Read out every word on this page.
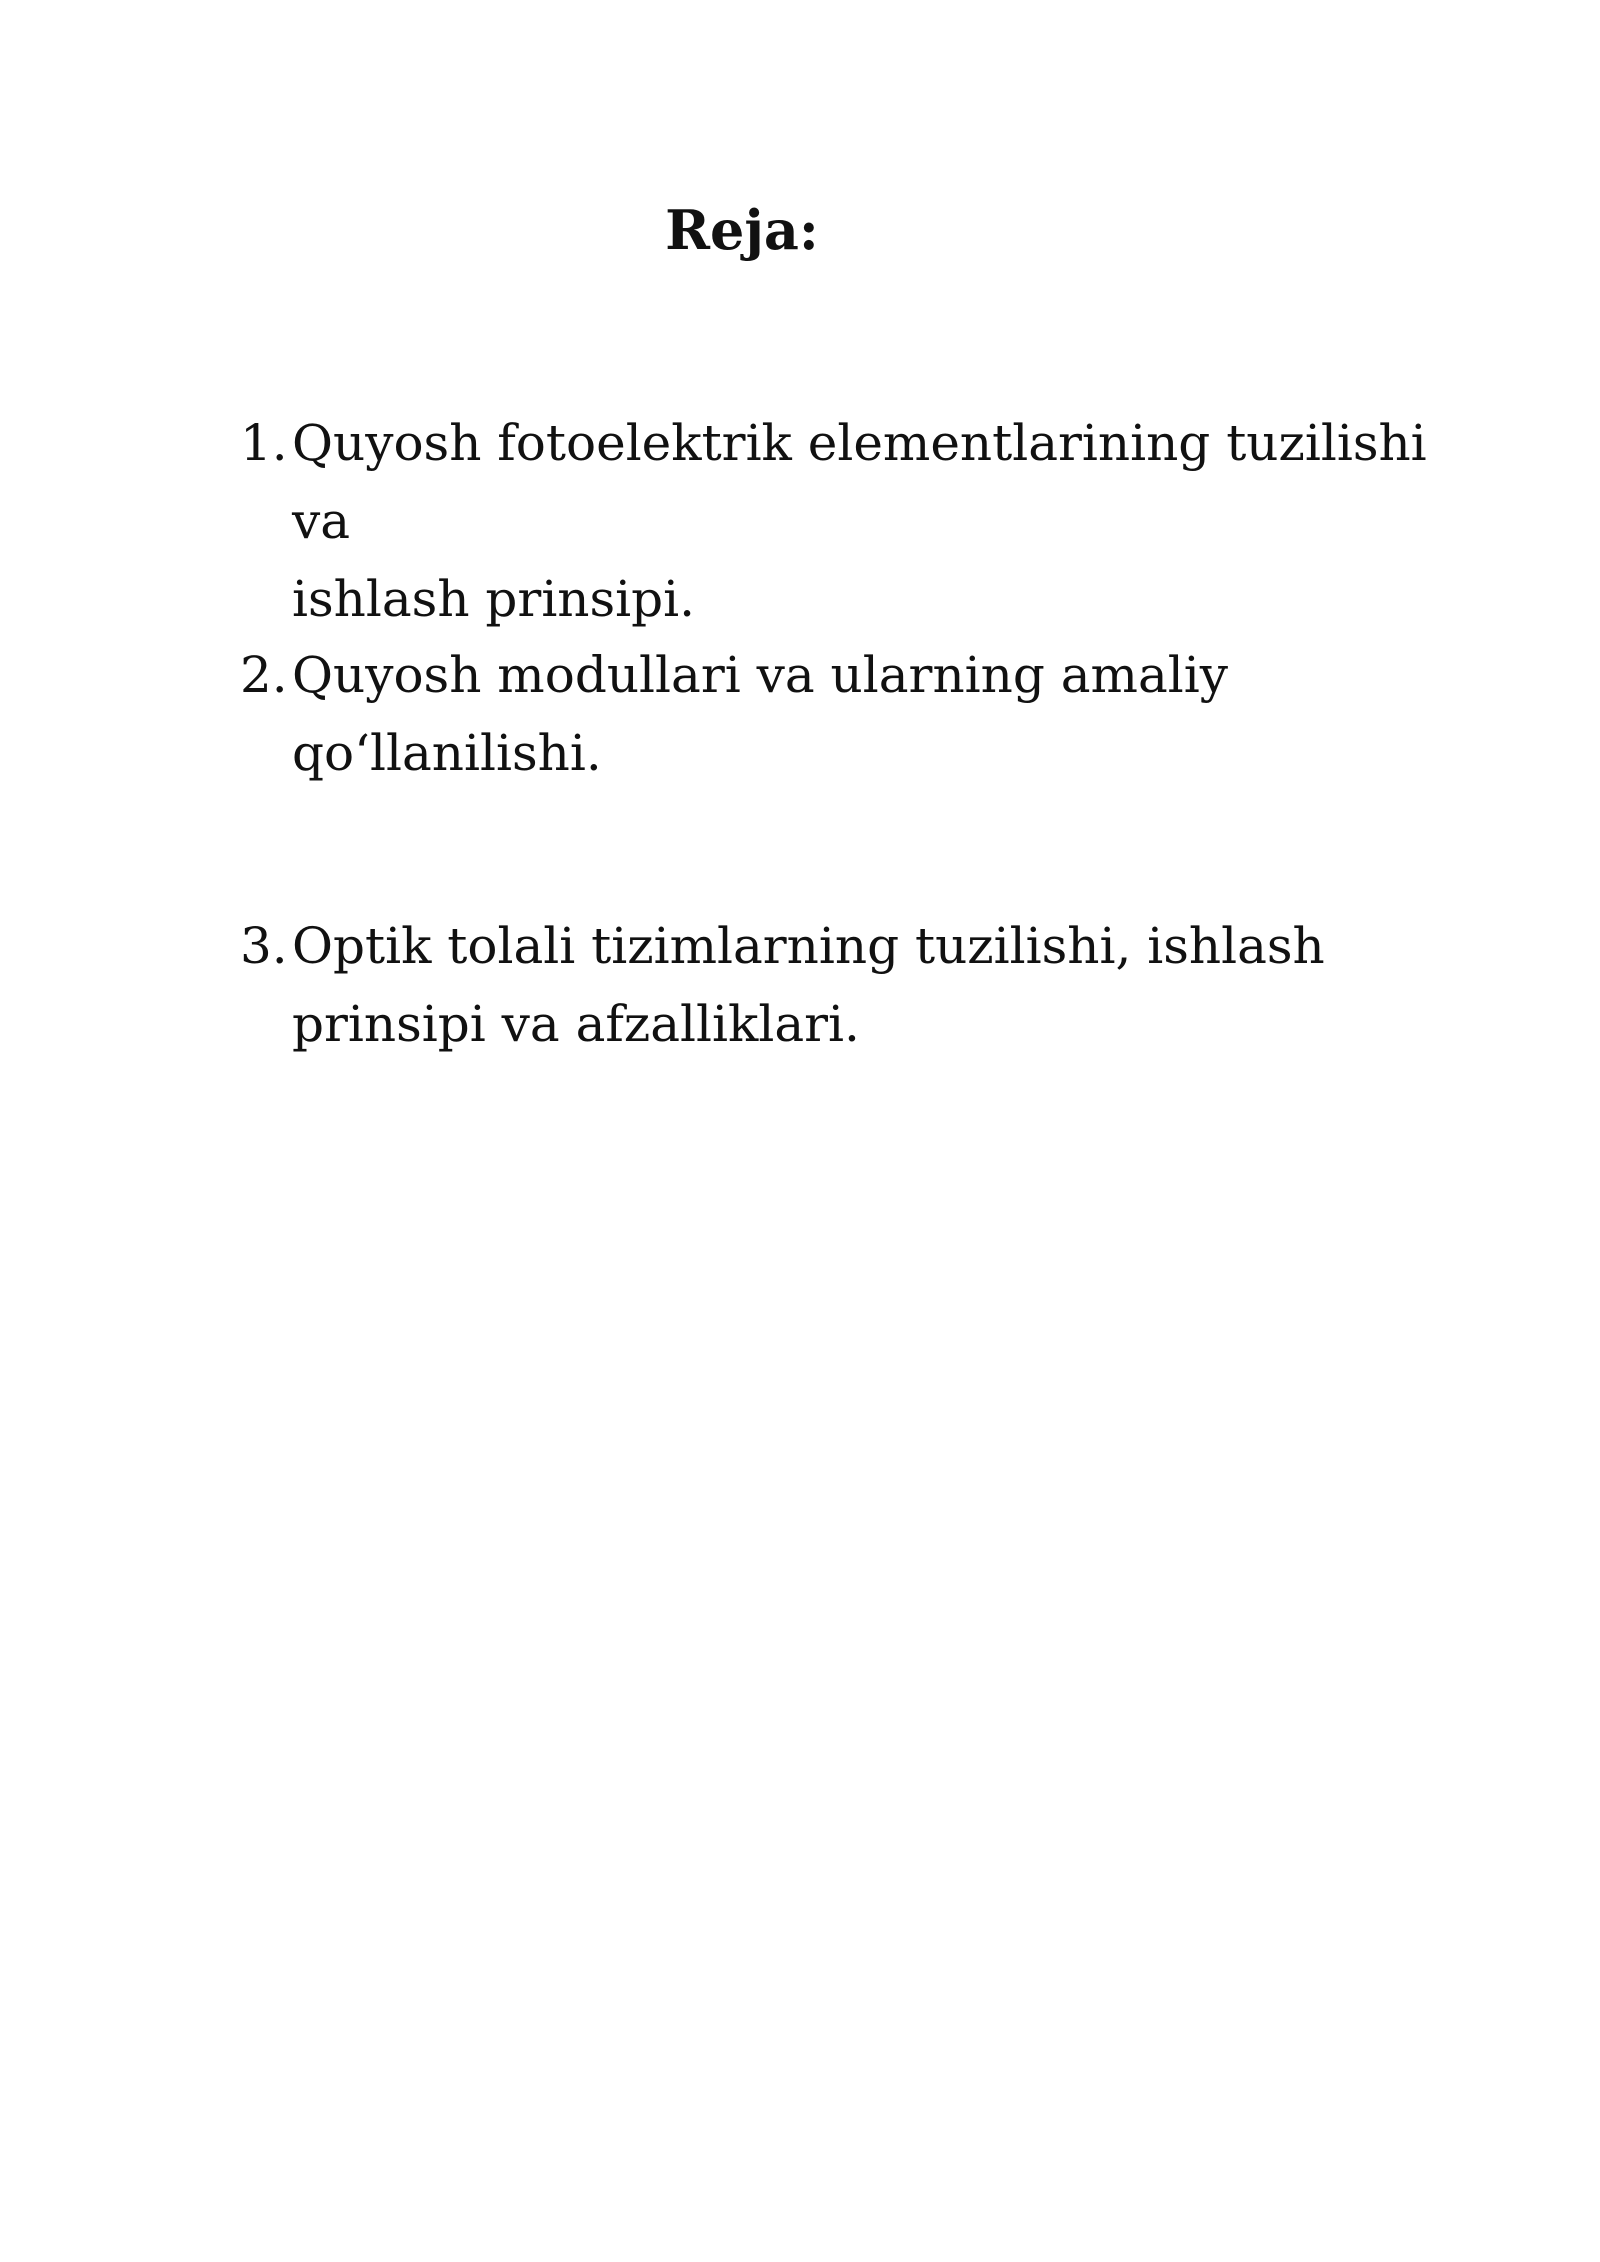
Reja:
1. Quyosh fotoelektrik elementlarining tuzilishi va
ishlash prinsipi.
2. Quyosh modullari va ularning amaliy
qo‘llanilishi.
3. Optik tolali tizimlarning tuzilishi, ishlash
prinsipi va afzalliklari.
